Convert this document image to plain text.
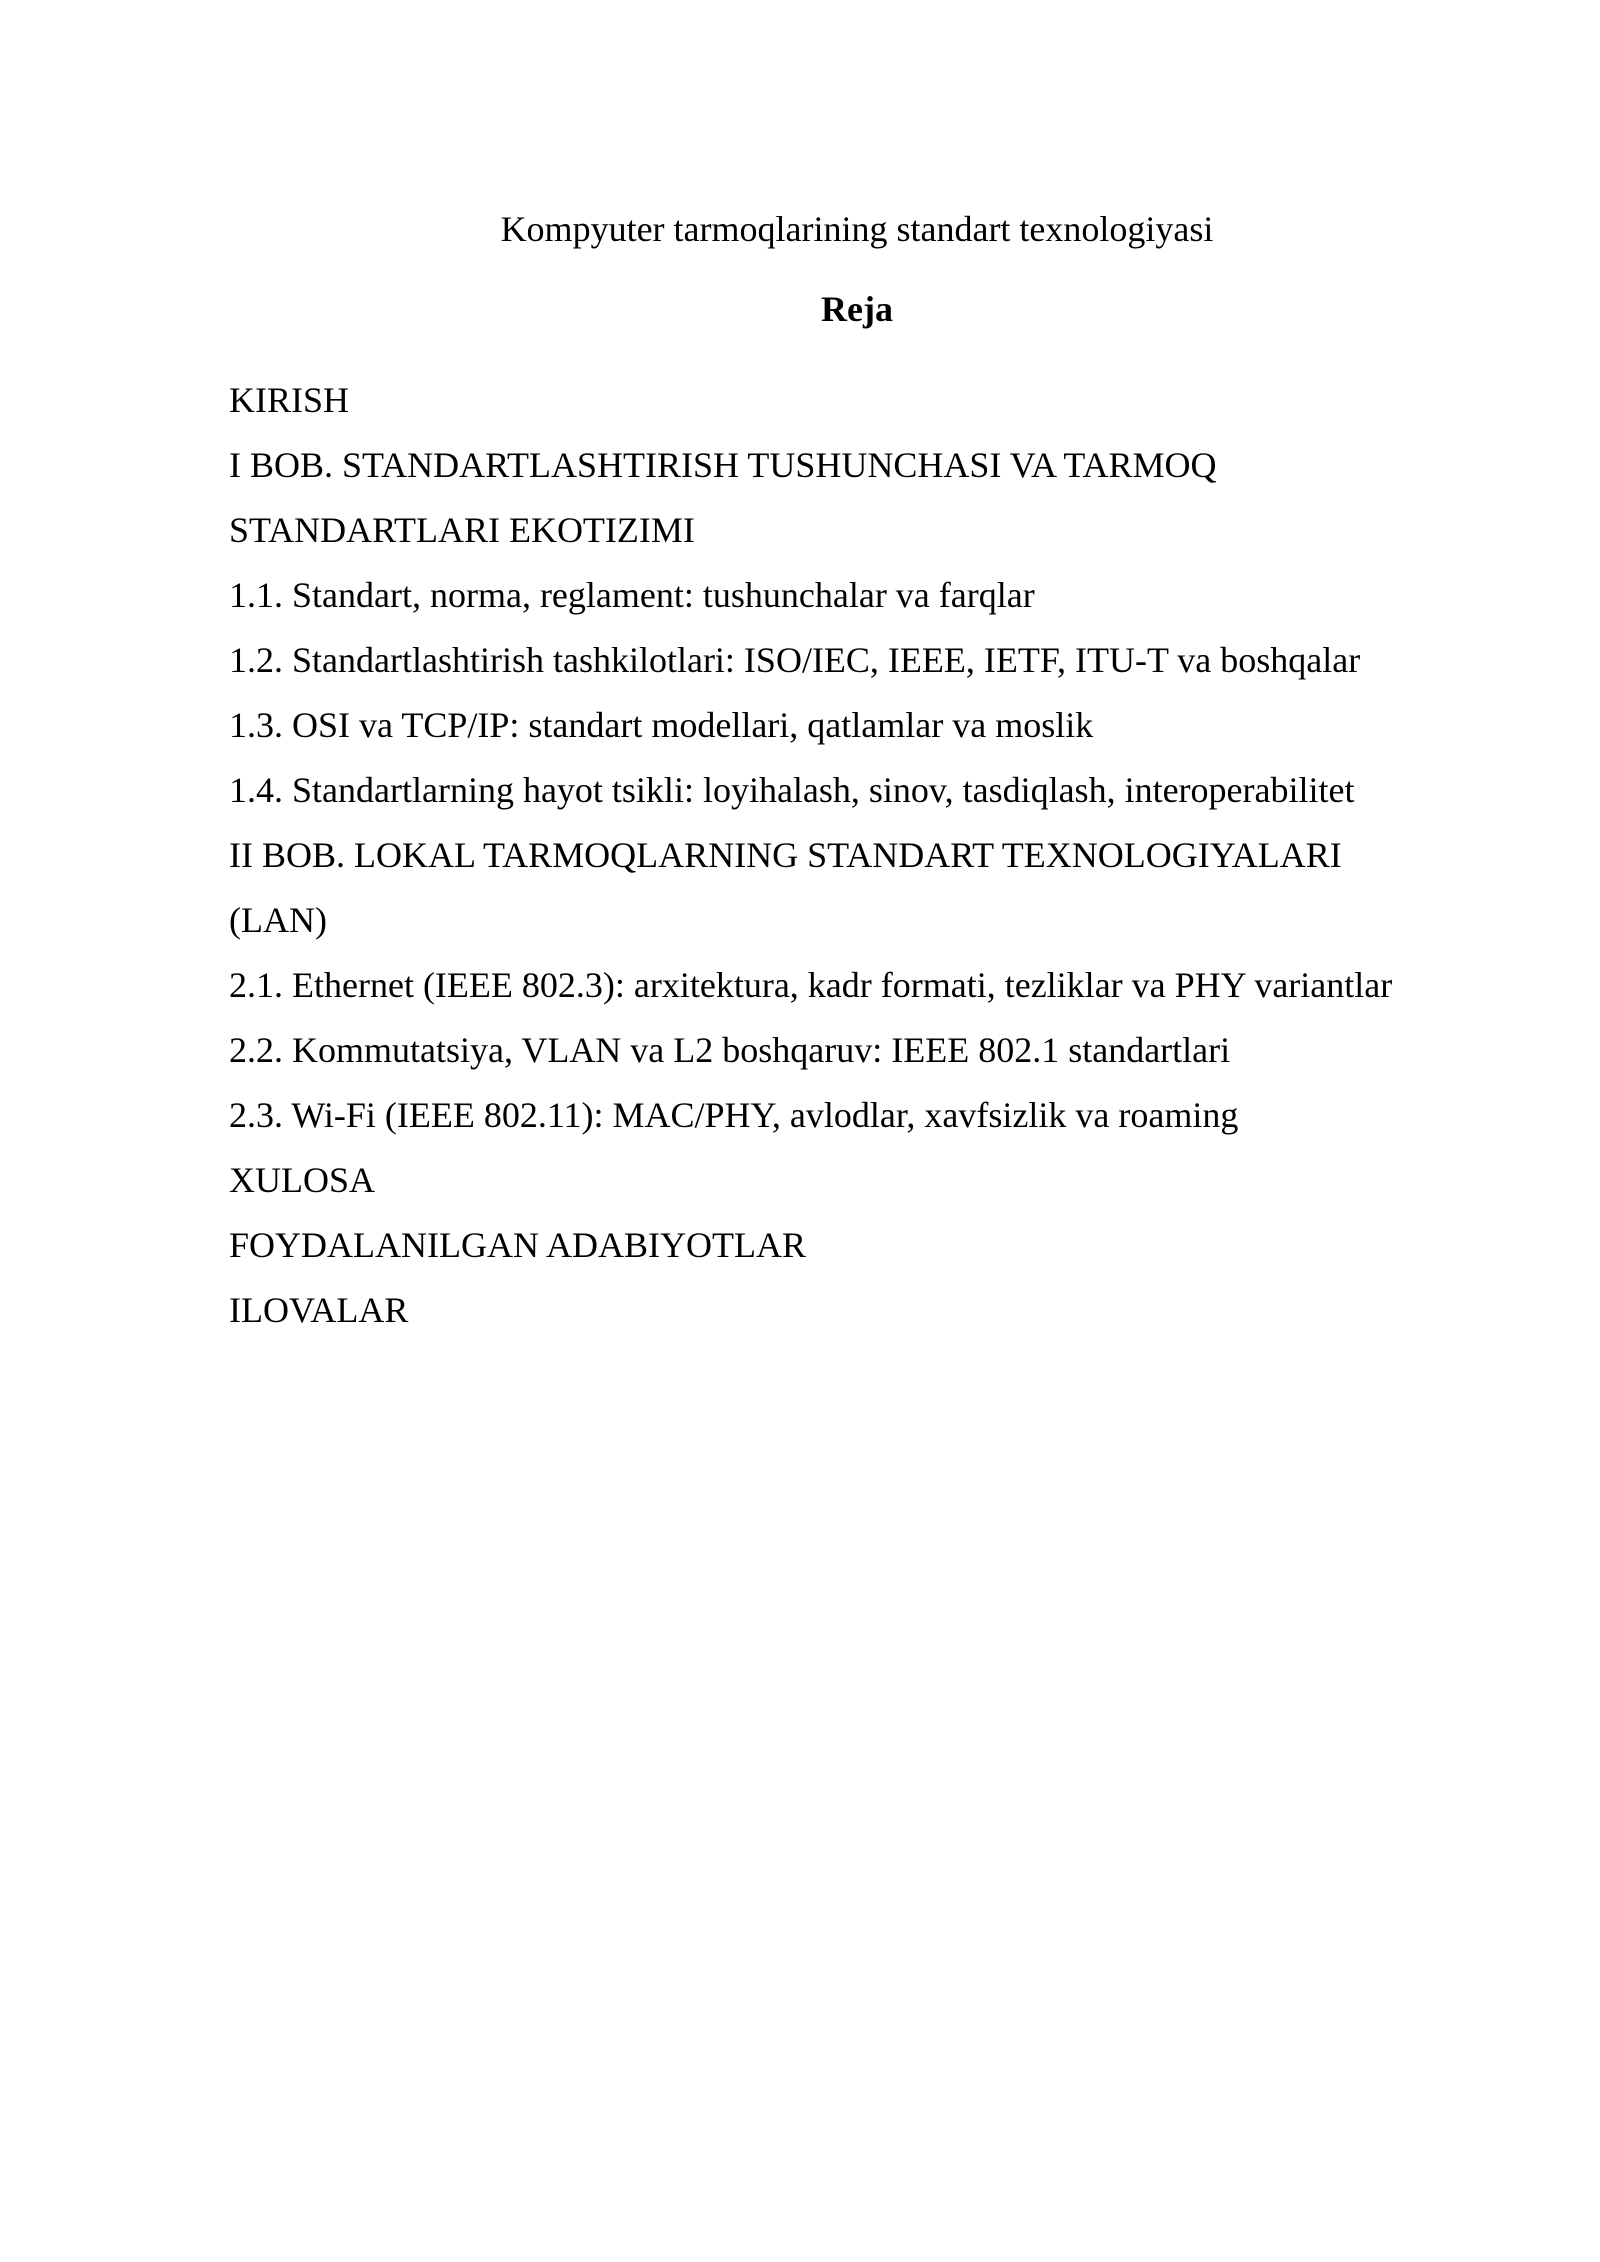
Kompyuter tarmoqlarining standart texnologiyasi
Reja
KIRISH
I BOB. STANDARTLASHTIRISH TUSHUNCHASI VA TARMOQ
STANDARTLARI EKOTIZIMI
1.1. Standart, norma, reglament: tushunchalar va farqlar
1.2. Standartlashtirish tashkilotlari: ISO/IEC, IEEE, IETF, ITU-T va boshqalar
1.3. OSI va TCP/IP: standart modellari, qatlamlar va moslik
1.4. Standartlarning hayot tsikli: loyihalash, sinov, tasdiqlash, interoperabilitet
II BOB. LOKAL TARMOQLARNING STANDART TEXNOLOGIYALARI
(LAN)
2.1. Ethernet (IEEE 802.3): arxitektura, kadr formati, tezliklar va PHY variantlar
2.2. Kommutatsiya, VLAN va L2 boshqaruv: IEEE 802.1 standartlari
2.3. Wi-Fi (IEEE 802.11): MAC/PHY, avlodlar, xavfsizlik va roaming
XULOSA
FOYDALANILGAN ADABIYOTLAR
ILOVALAR
